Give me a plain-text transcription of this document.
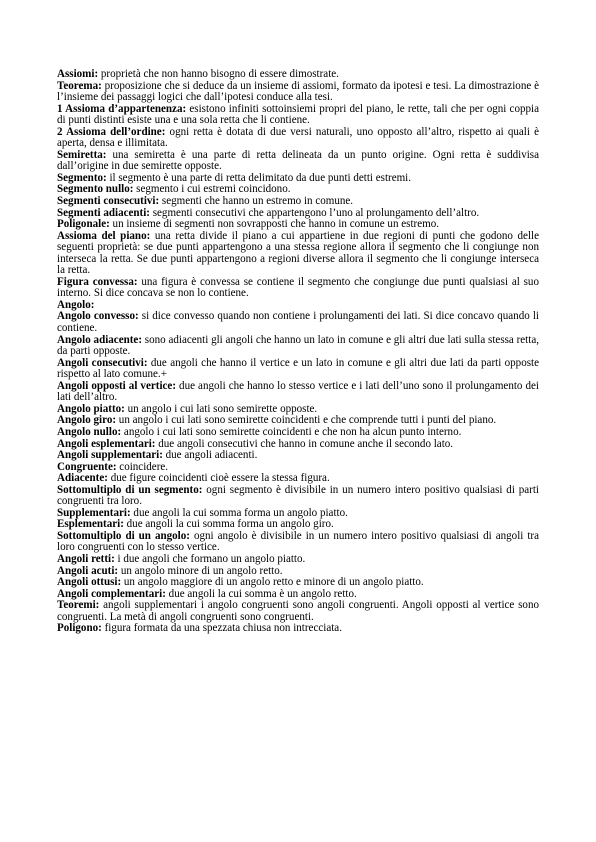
Assiomi: proprietà che non hanno bisogno di essere dimostrate.

Teorema: proposizione che si deduce da un insieme di assiomi, formato da ipotesi e tesi. La dimostrazione è l’insieme dei passaggi logici che dall’ipotesi conduce alla tesi.

1 Assioma d’appartenenza: esistono infiniti sottoinsiemi propri del piano, le rette, tali che per ogni coppia di punti distinti esiste una e una sola retta che li contiene.

2 Assioma dell’ordine: ogni retta è dotata di due versi naturali, uno opposto all’altro, rispetto ai quali è aperta, densa e illimitata.

Semiretta: una semiretta è una parte di retta delineata da un punto origine. Ogni retta è suddivisa dall’origine in due semirette opposte.

Segmento: il segmento è una parte di retta delimitato da due punti detti estremi.

Segmento nullo: segmento i cui estremi coincidono.

Segmenti consecutivi: segmenti che hanno un estremo in comune.

Segmenti adiacenti: segmenti consecutivi che appartengono l’uno al prolungamento dell’altro.

Poligonale: un insieme di segmenti non sovrapposti che hanno in comune un estremo.

Assioma del piano: una retta divide il piano a cui appartiene in due regioni di punti che godono delle seguenti proprietà: se due punti appartengono a una stessa regione allora il segmento che li congiunge non interseca la retta. Se due punti appartengono a regioni diverse allora il segmento che li congiunge interseca la retta.

Figura convessa: una figura è convessa se contiene il segmento che congiunge due punti qualsiasi al suo interno. Si dice concava se non lo contiene.

Angolo:

Angolo convesso: si dice convesso quando non contiene i prolungamenti dei lati. Si dice concavo quando li contiene.

Angolo adiacente: sono adiacenti gli angoli che hanno un lato in comune e gli altri due lati sulla stessa retta, da parti opposte.

Angoli consecutivi: due angoli che hanno il vertice e un lato in comune e gli altri due lati da parti opposte rispetto al lato comune.+

Angoli opposti al vertice: due angoli che hanno lo stesso vertice e i lati dell’uno sono il prolungamento dei lati dell’altro.

Angolo piatto: un angolo i cui lati sono semirette opposte.

Angolo giro: un angolo i cui lati sono semirette coincidenti e che comprende tutti i punti del piano.

Angolo nullo: angolo i cui lati sono semirette coincidenti e che non ha alcun punto interno.

Angoli esplementari: due angoli consecutivi che hanno in comune anche il secondo lato.

Angoli supplementari: due angoli adiacenti.

Congruente: coincidere.

Adiacente: due figure coincidenti cioè essere la stessa figura.

Sottomultiplo di un segmento: ogni segmento è divisibile in un numero intero positivo qualsiasi di parti congruenti tra loro.

Supplementari: due angoli la cui somma forma un angolo piatto.

Esplementari: due angoli la cui somma forma un angolo giro.

Sottomultiplo di un angolo: ogni angolo è divisibile in un numero intero positivo qualsiasi di angoli tra loro congruenti con lo stesso vertice.

Angoli retti: i due angoli che formano un angolo piatto.

Angoli acuti: un angolo minore di un angolo retto.

Angoli ottusi: un angolo maggiore di un angolo retto e minore di un angolo piatto.

Angoli complementari: due angoli la cui somma è un angolo retto.

Teoremi: angoli supplementari i angolo congruenti sono angoli congruenti. Angoli opposti al vertice sono congruenti. La metà di angoli congruenti sono congruenti.

Poligono: figura formata da una spezzata chiusa non intrecciata.
